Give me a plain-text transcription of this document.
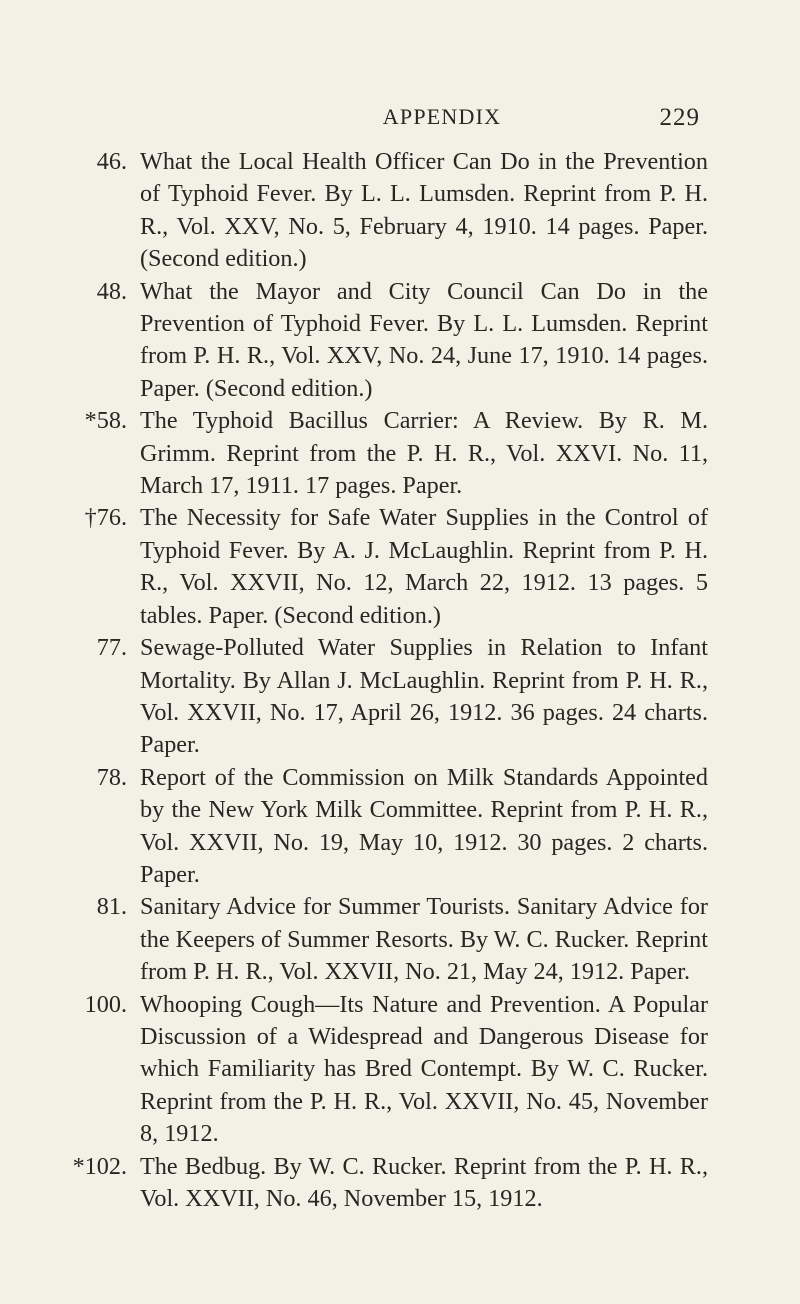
APPENDIX	229
46. What the Local Health Officer Can Do in the Prevention of Typhoid Fever. By L. L. Lumsden. Reprint from P. H. R., Vol. XXV, No. 5, February 4, 1910. 14 pages. Paper. (Second edition.)
48. What the Mayor and City Council Can Do in the Prevention of Typhoid Fever. By L. L. Lumsden. Reprint from P. H. R., Vol. XXV, No. 24, June 17, 1910. 14 pages. Paper. (Second edition.)
*58. The Typhoid Bacillus Carrier: A Review. By R. M. Grimm. Reprint from the P. H. R., Vol. XXVI. No. 11, March 17, 1911. 17 pages. Paper.
†76. The Necessity for Safe Water Supplies in the Control of Typhoid Fever. By A. J. McLaughlin. Reprint from P. H. R., Vol. XXVII, No. 12, March 22, 1912. 13 pages. 5 tables. Paper. (Second edition.)
77. Sewage-Polluted Water Supplies in Relation to Infant Mortality. By Allan J. McLaughlin. Reprint from P. H. R., Vol. XXVII, No. 17, April 26, 1912. 36 pages. 24 charts. Paper.
78. Report of the Commission on Milk Standards Appointed by the New York Milk Committee. Reprint from P. H. R., Vol. XXVII, No. 19, May 10, 1912. 30 pages. 2 charts. Paper.
81. Sanitary Advice for Summer Tourists. Sanitary Advice for the Keepers of Summer Resorts. By W. C. Rucker. Reprint from P. H. R., Vol. XXVII, No. 21, May 24, 1912. Paper.
100. Whooping Cough—Its Nature and Prevention. A Popular Discussion of a Widespread and Dangerous Disease for which Familiarity has Bred Contempt. By W. C. Rucker. Reprint from the P. H. R., Vol. XXVII, No. 45, November 8, 1912.
*102. The Bedbug. By W. C. Rucker. Reprint from the P. H. R., Vol. XXVII, No. 46, November 15, 1912.
